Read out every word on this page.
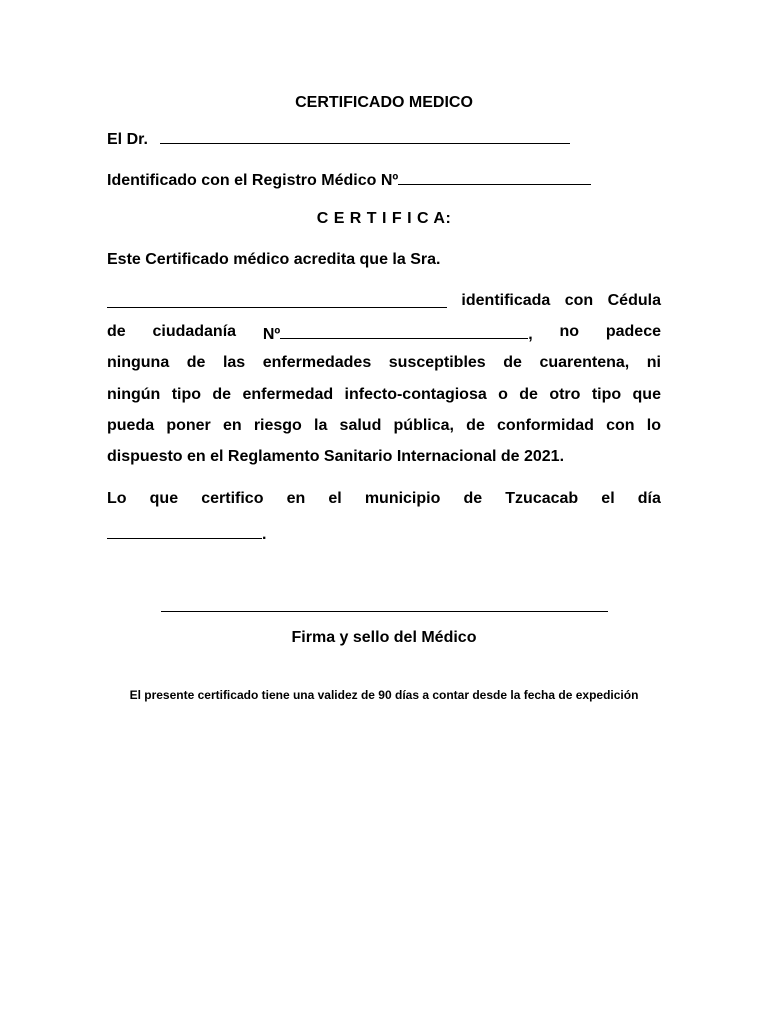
CERTIFICADO MEDICO
El Dr.
Identificado con el Registro Médico Nº
C E R T I F I C A:
Este Certificado médico acredita que la Sra.
identificada con Cédula
de ciudadanía Nº	, no padece
ninguna de las enfermedades susceptibles de cuarentena, ni
ningún tipo de enfermedad infecto-contagiosa o de otro tipo que
pueda poner en riesgo la salud pública, de conformidad con lo
dispuesto en el Reglamento Sanitario Internacional de 2021.
Lo que certifico en el municipio de Tzucacab el día
.
Firma y sello del Médico
El presente certificado tiene una validez de 90 días a contar desde la fecha de expedición
